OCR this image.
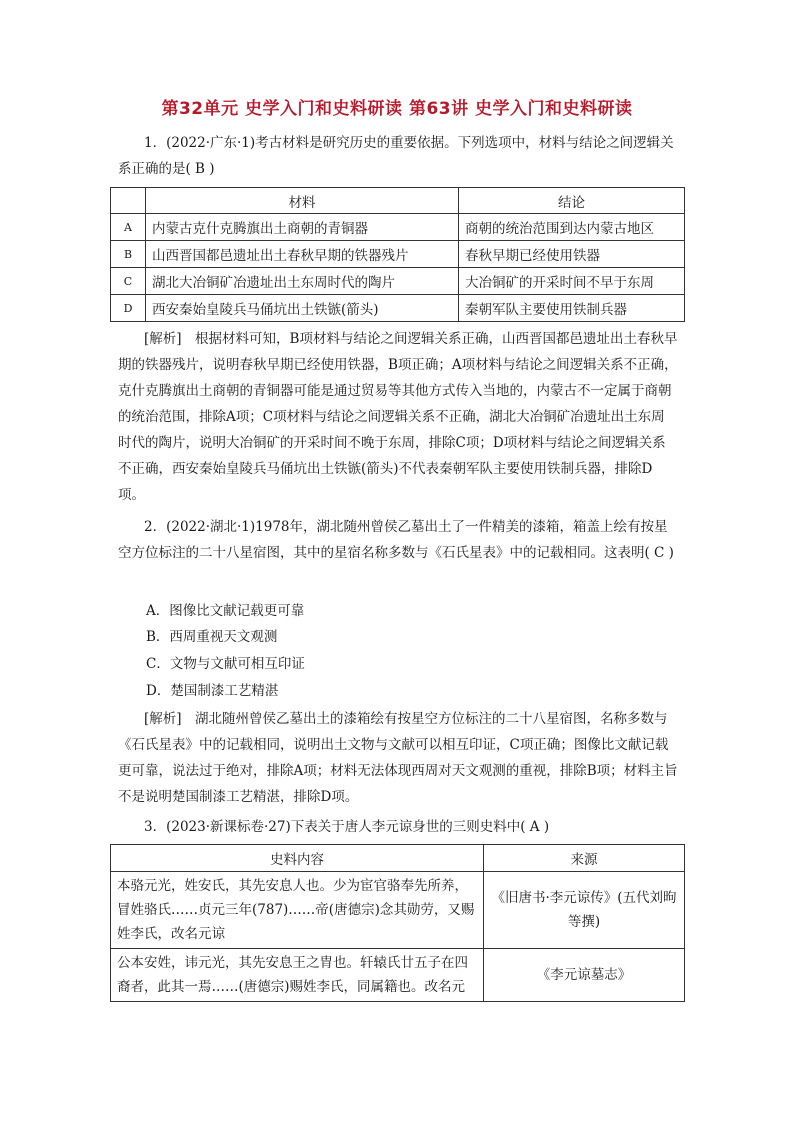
第32单元 史学入门和史料研读 第63讲 史学入门和史料研读
1．(2022·广东·1)考古材料是研究历史的重要依据。下列选项中，材料与结论之间逻辑关系正确的是( B )
	材料	结论
A	内蒙古克什克腾旗出土商朝的青铜器	商朝的统治范围到达内蒙古地区
B	山西晋国都邑遗址出土春秋早期的铁器残片	春秋早期已经使用铁器
C	湖北大冶铜矿冶遗址出土东周时代的陶片	大冶铜矿的开采时间不早于东周
D	西安秦始皇陵兵马俑坑出土铁镞(箭头)	秦朝军队主要使用铁制兵器
[解析]　根据材料可知，B项材料与结论之间逻辑关系正确，山西晋国都邑遗址出土春秋早期的铁器残片，说明春秋早期已经使用铁器，B项正确；A项材料与结论之间逻辑关系不正确，克什克腾旗出土商朝的青铜器可能是通过贸易等其他方式传入当地的，内蒙古不一定属于商朝的统治范围，排除A项；C项材料与结论之间逻辑关系不正确，湖北大冶铜矿冶遗址出土东周时代的陶片，说明大冶铜矿的开采时间不晚于东周，排除C项；D项材料与结论之间逻辑关系不正确，西安秦始皇陵兵马俑坑出土铁镞(箭头)不代表秦朝军队主要使用铁制兵器，排除D项。
2．(2022·湖北·1)1978年，湖北随州曾侯乙墓出土了一件精美的漆箱，箱盖上绘有按星空方位标注的二十八星宿图，其中的星宿名称多数与《石氏星表》中的记载相同。这表明( C )
A．图像比文献记载更可靠
B．西周重视天文观测
C．文物与文献可相互印证
D．楚国制漆工艺精湛
[解析]　湖北随州曾侯乙墓出土的漆箱绘有按星空方位标注的二十八星宿图，名称多数与《石氏星表》中的记载相同，说明出土文物与文献可以相互印证，C项正确；图像比文献记载更可靠，说法过于绝对，排除A项；材料无法体现西周对天文观测的重视，排除B项；材料主旨不是说明楚国制漆工艺精湛，排除D项。
3．(2023·新课标卷·27)下表关于唐人李元谅身世的三则史料中( A )
史料内容	来源
本骆元光，姓安氏，其先安息人也。少为宦官骆奉先所养，冒姓骆氏……贞元三年(787)……帝(唐德宗)念其勋劳，又赐姓李氏，改名元谅	《旧唐书·李元谅传》(五代刘昫等撰)
公本安姓，讳元光，其先安息王之胄也。轩辕氏廿五子在四裔者，此其一焉……(唐德宗)赐姓李氏，同属籍也。改名元	《李元谅墓志》
